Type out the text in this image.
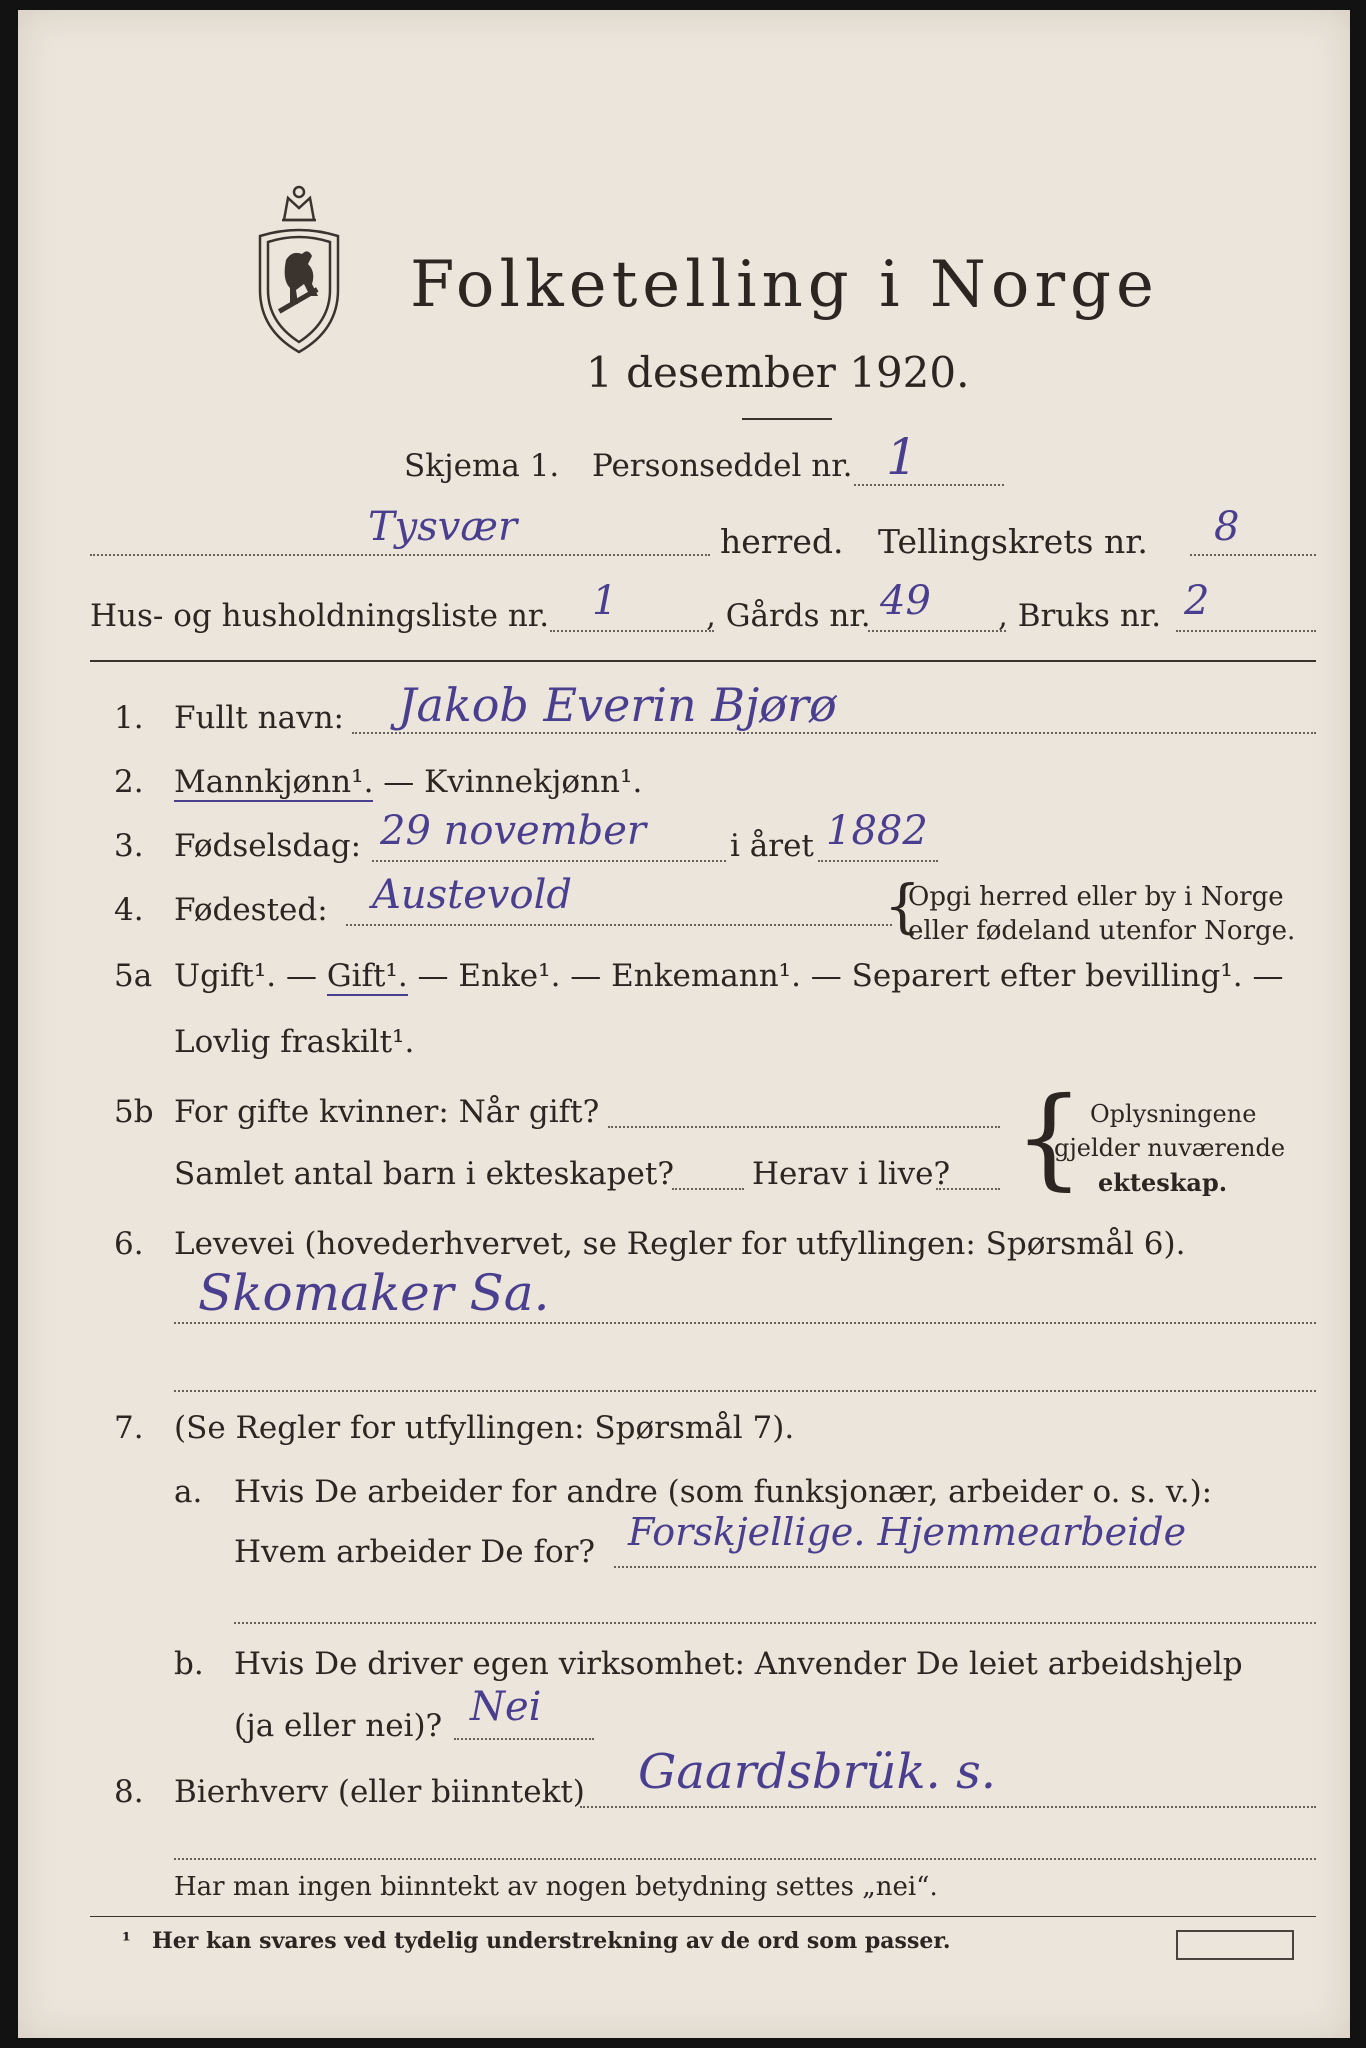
Folketelling i Norge
1 desember 1920.
Skjema 1. Personseddel nr. 1
Tysvær	herred. Tellingskrets nr. 8
Hus- og husholdningsliste nr. 1	, Gårds nr. 49 , Bruks nr. 2
1. Fullt navn: Jakob Everin Bjørø
2. Mannkjønn¹. — Kvinnekjønn¹.
3. Fødselsdag: 29 november	i året 1882
4. Fødested: Austevold	{
Opgi herred eller by i Norge
eller fødeland utenfor Norge.
5a Ugift¹. — Gift¹. — Enke¹. — Enkemann¹. — Separert efter bevilling¹. —
Lovlig fraskilt¹.
5b For gifte kvinner: Når gift?
Samlet antal barn i ekteskapet?	Herav i live? { Oplysningene
gjelder nuværende
ekteskap.
6. Levevei (hovederhvervet, se Regler for utfyllingen: Spørsmål 6).
Skomaker Sa.
7. (Se Regler for utfyllingen: Spørsmål 7).
a. Hvis De arbeider for andre (som funksjonær, arbeider o. s. v.):
Hvem arbeider De for? Forskjellige. Hjemmearbeide
b. Hvis De driver egen virksomhet: Anvender De leiet arbeidshjelp
(ja eller nei)? Nei
8. Bierhverv (eller biinntekt) Gaardsbrük. s.
Har man ingen biinntekt av nogen betydning settes „nei“.
¹ Her kan svares ved tydelig understrekning av de ord som passer.
